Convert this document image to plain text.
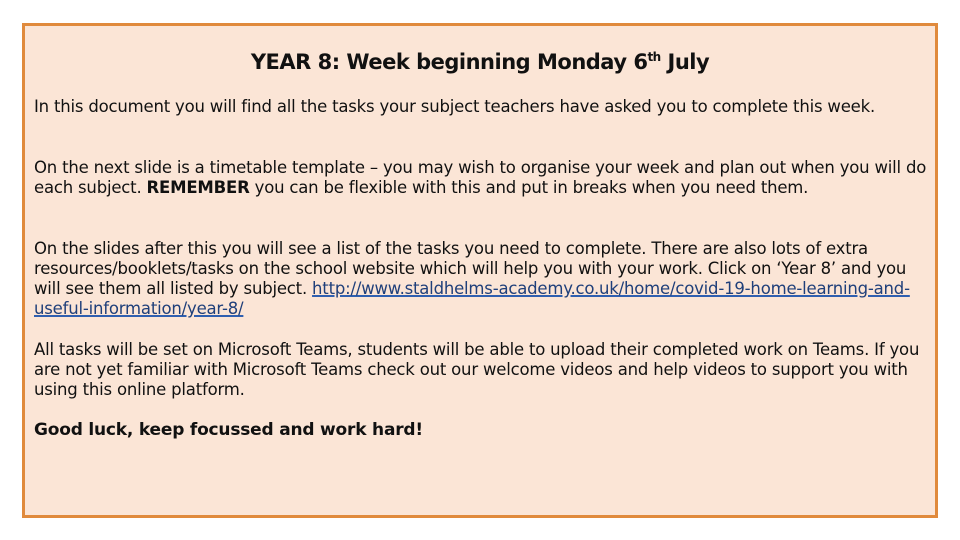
YEAR 8: Week beginning Monday 6th July
In this document you will find all the tasks your subject teachers have asked you to complete this week.
On the next slide is a timetable template – you may wish to organise your week and plan out when you will do each subject. REMEMBER you can be flexible with this and put in breaks when you need them.
On the slides after this you will see a list of the tasks you need to complete. There are also lots of extra resources/booklets/tasks on the school website which will help you with your work. Click on ‘Year 8’ and you will see them all listed by subject. http://www.staldhelms-academy.co.uk/home/covid-19-home-learning-and-useful-information/year-8/
All tasks will be set on Microsoft Teams, students will be able to upload their completed work on Teams. If you are not yet familiar with Microsoft Teams check out our welcome videos and help videos to support you with using this online platform.
Good luck, keep focussed and work hard!
